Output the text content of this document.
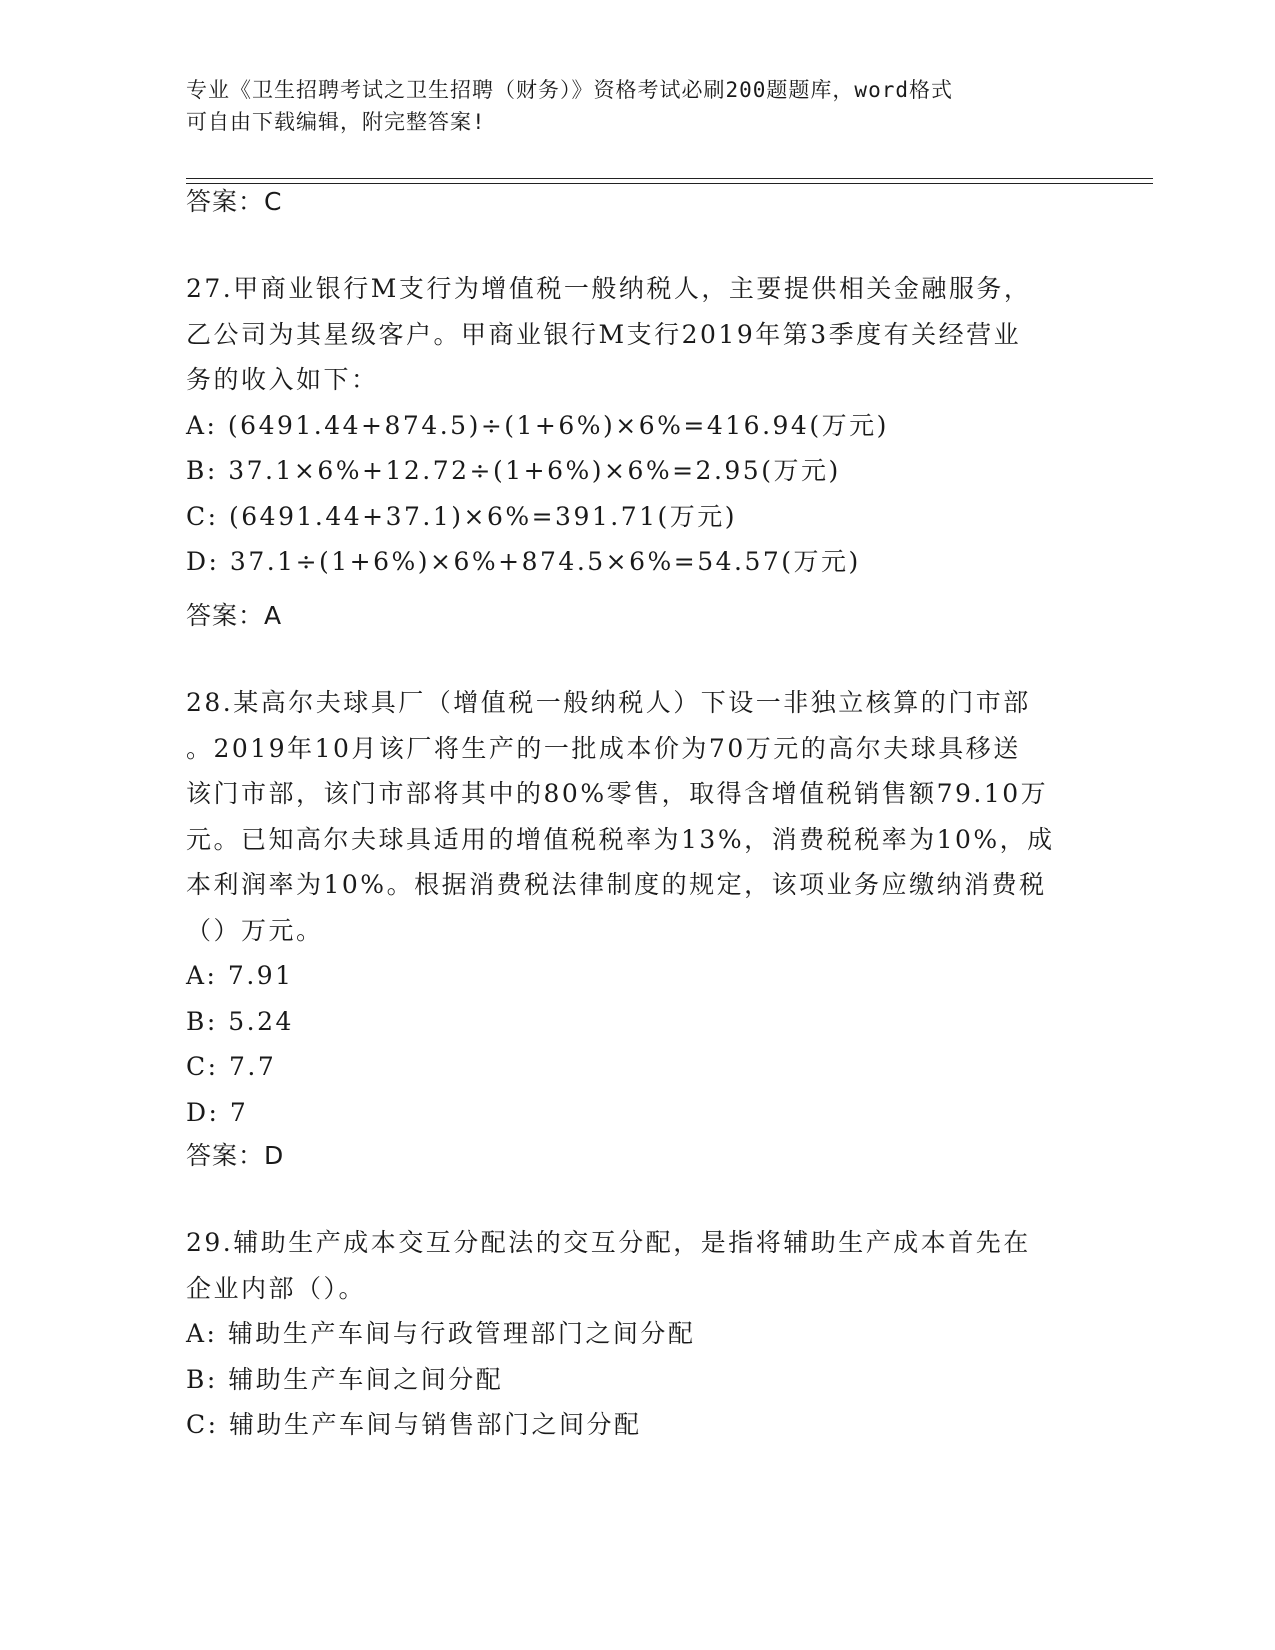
专业《卫生招聘考试之卫生招聘（财务）》资格考试必刷200题题库，word格式
可自由下载编辑，附完整答案!
答案：C
27.甲商业银行M支行为增值税一般纳税人，主要提供相关金融服务，
乙公司为其星级客户。甲商业银行M支行2019年第3季度有关经营业
务的收入如下：
A: (6491.44+874.5)÷(1+6%)×6%=416.94(万元)
B: 37.1×6%+12.72÷(1+6%)×6%=2.95(万元)
C: (6491.44+37.1)×6%=391.71(万元)
D: 37.1÷(1+6%)×6%+874.5×6%=54.57(万元)
答案：A
28.某高尔夫球具厂（增值税一般纳税人）下设一非独立核算的门市部
。2019年10月该厂将生产的一批成本价为70万元的高尔夫球具移送
该门市部，该门市部将其中的80%零售，取得含增值税销售额79.10万
元。已知高尔夫球具适用的增值税税率为13%，消费税税率为10%，成
本利润率为10%。根据消费税法律制度的规定，该项业务应缴纳消费税
（）万元。
A: 7.91
B: 5.24
C: 7.7
D: 7
答案：D
29.辅助生产成本交互分配法的交互分配，是指将辅助生产成本首先在
企业内部（）。
A: 辅助生产车间与行政管理部门之间分配
B: 辅助生产车间之间分配
C: 辅助生产车间与销售部门之间分配
